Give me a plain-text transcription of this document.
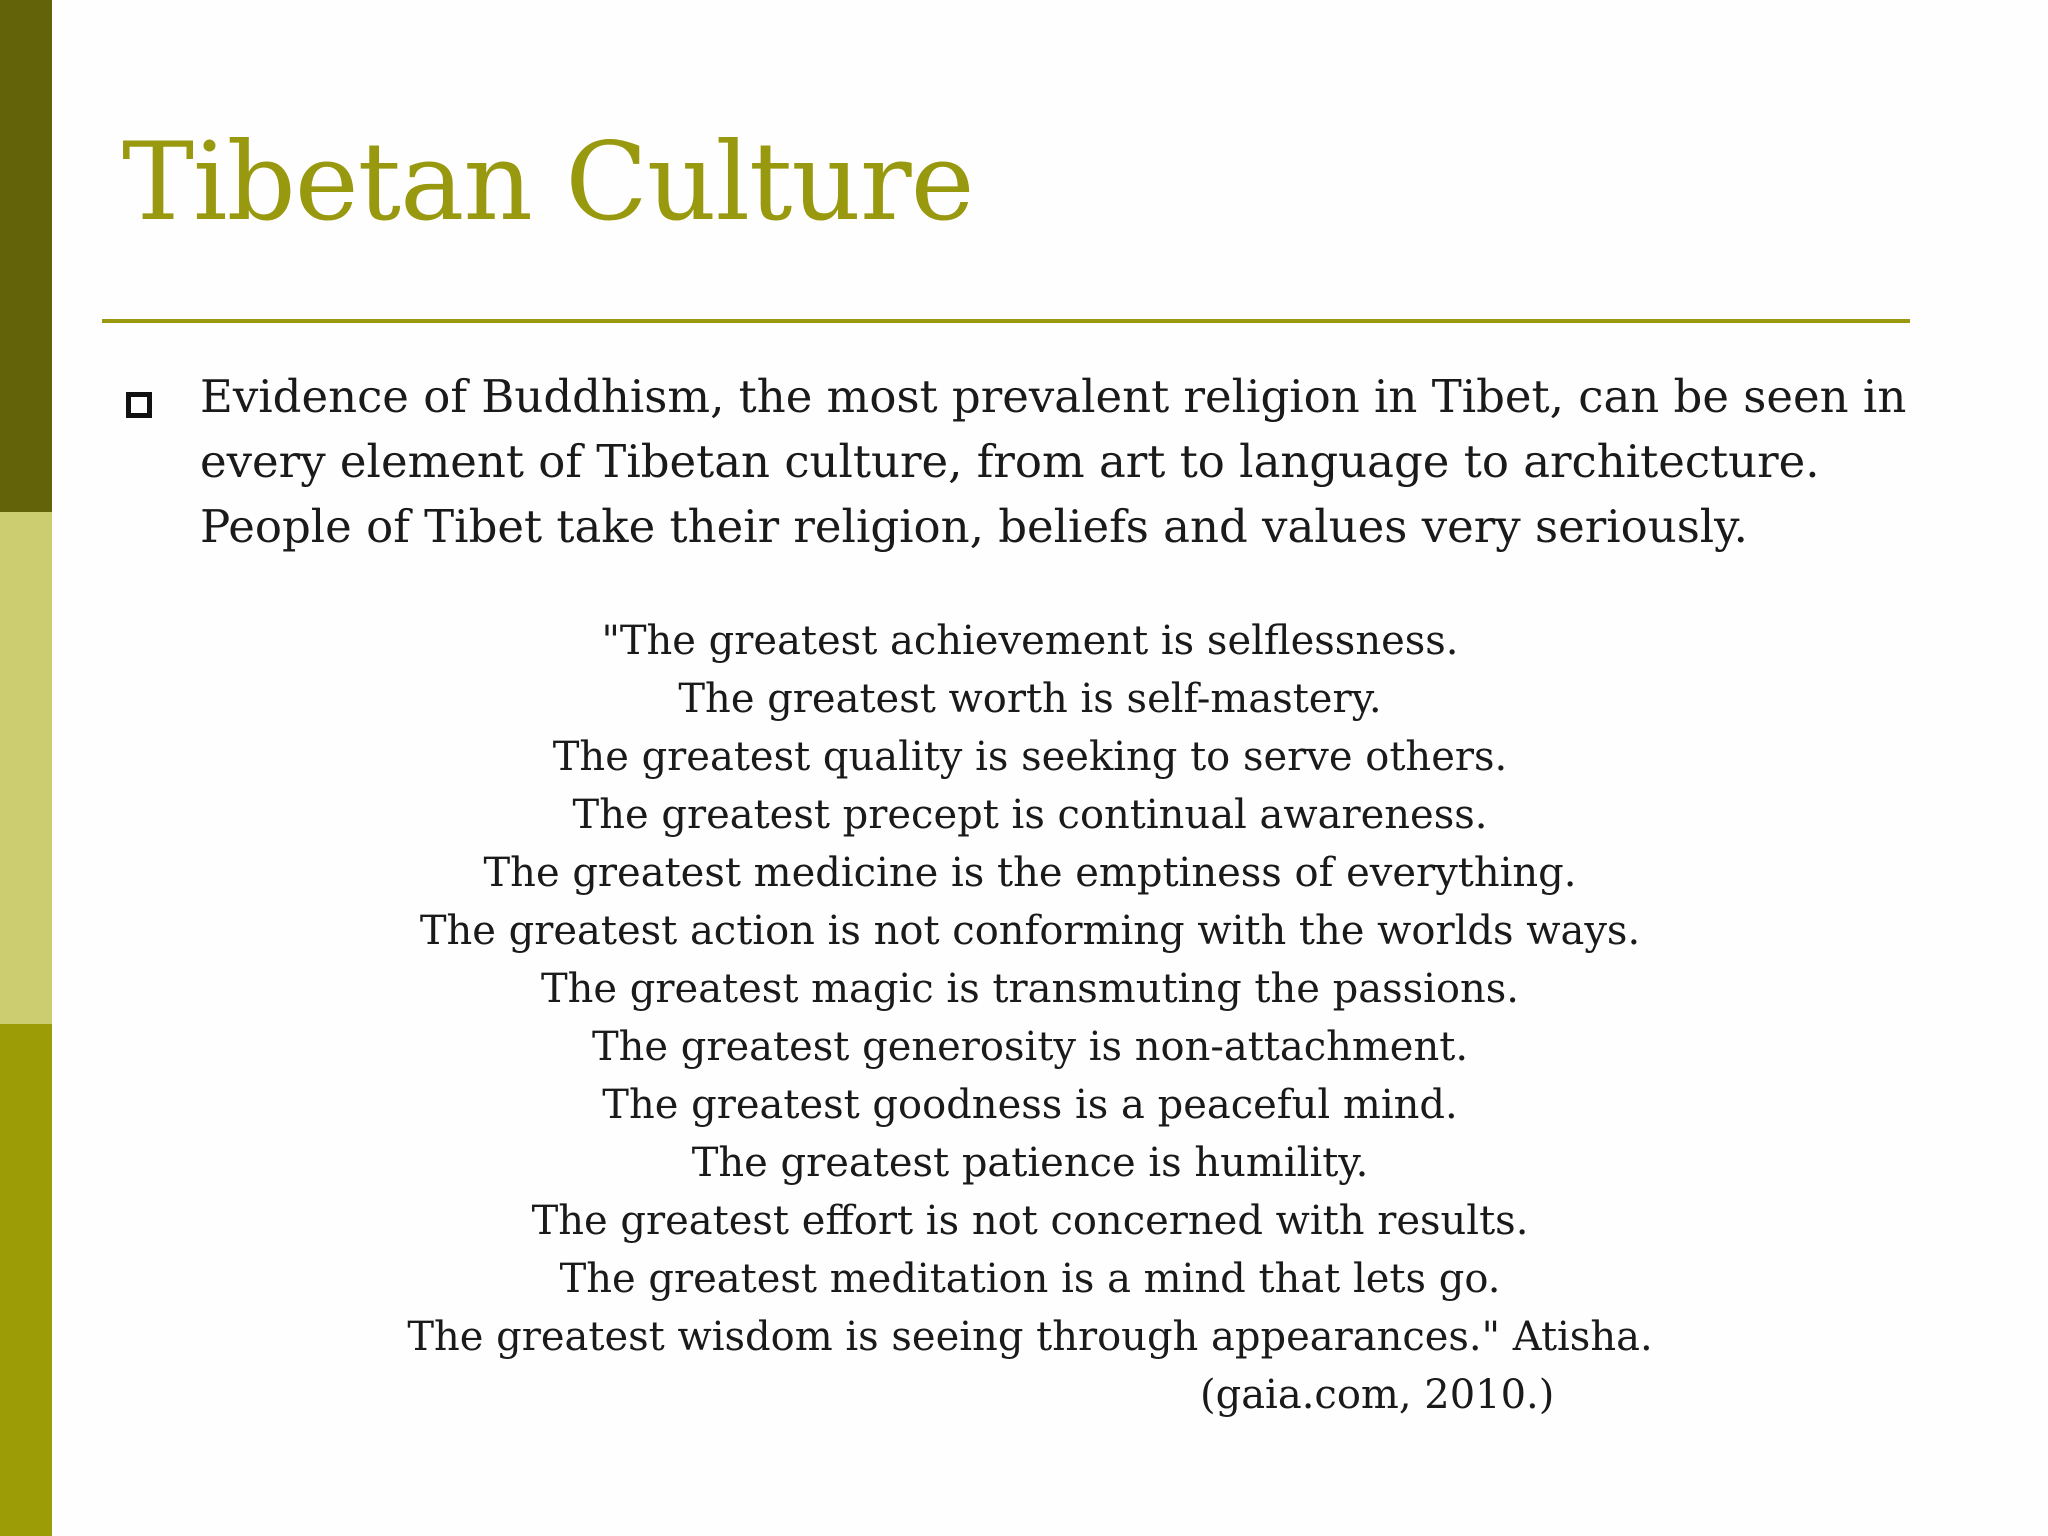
Tibetan Culture

Evidence of Buddhism, the most prevalent religion in Tibet, can be seen in every element of Tibetan culture, from art to language to architecture. People of Tibet take their religion, beliefs and values very seriously.

"The greatest achievement is selflessness.
The greatest worth is self-mastery.
The greatest quality is seeking to serve others.
The greatest precept is continual awareness.
The greatest medicine is the emptiness of everything.
The greatest action is not conforming with the worlds ways.
The greatest magic is transmuting the passions.
The greatest generosity is non-attachment.
The greatest goodness is a peaceful mind.
The greatest patience is humility.
The greatest effort is not concerned with results.
The greatest meditation is a mind that lets go.
The greatest wisdom is seeing through appearances." Atisha.
(gaia.com, 2010.)
